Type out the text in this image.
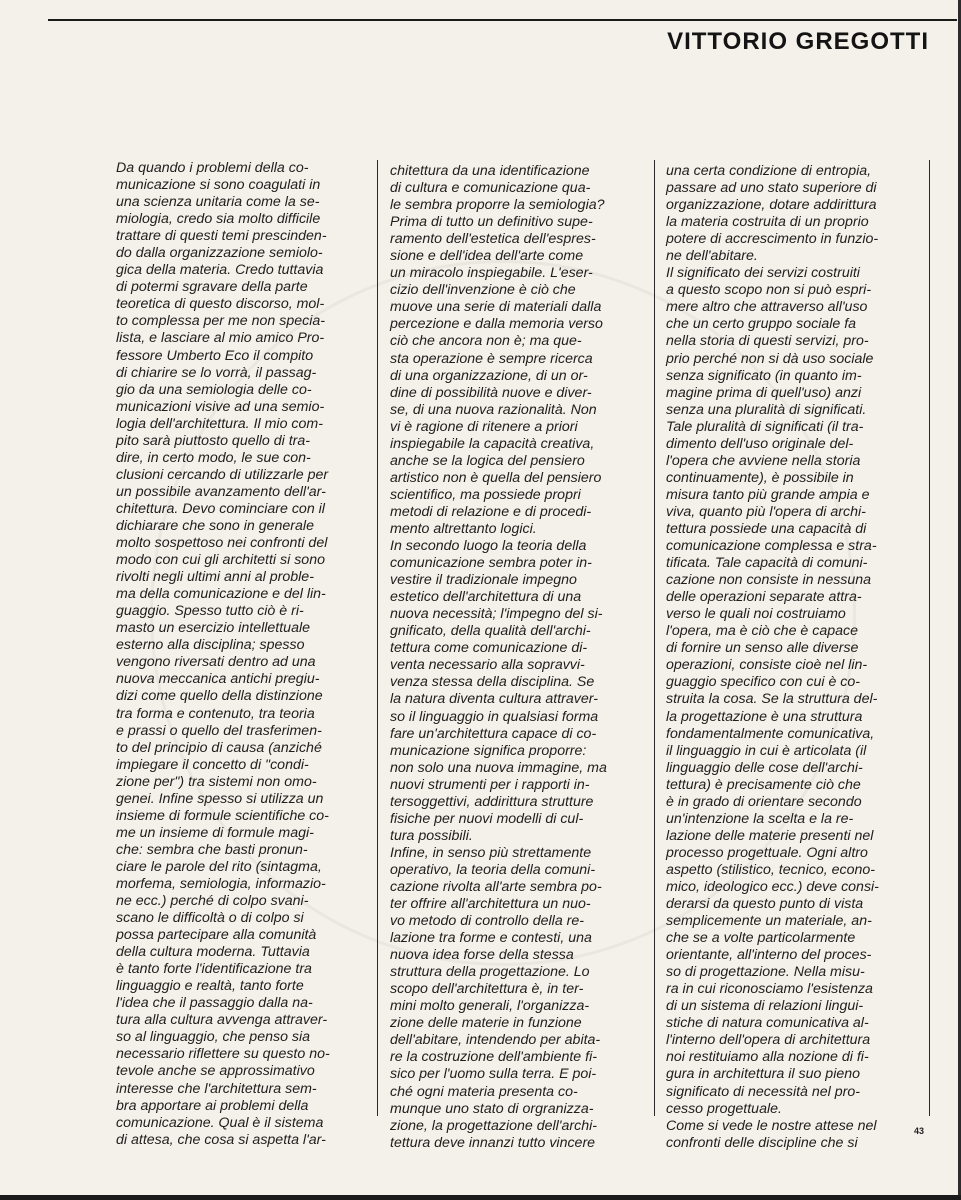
VITTORIO GREGOTTI
Da quando i problemi della co-
municazione si sono coagulati in
una scienza unitaria come la se-
miologia, credo sia molto difficile
trattare di questi temi prescinden-
do dalla organizzazione semiolo-
gica della materia. Credo tuttavia
di potermi sgravare della parte
teoretica di questo discorso, mol-
to complessa per me non specia-
lista, e lasciare al mio amico Pro-
fessore Umberto Eco il compito
di chiarire se lo vorrà, il passag-
gio da una semiologia delle co-
municazioni visive ad una semio-
logia dell'architettura. Il mio com-
pito sarà piuttosto quello di tra-
dire, in certo modo, le sue con-
clusioni cercando di utilizzarle per
un possibile avanzamento dell'ar-
chitettura. Devo cominciare con il
dichiarare che sono in generale
molto sospettoso nei confronti del
modo con cui gli architetti si sono
rivolti negli ultimi anni al proble-
ma della comunicazione e del lin-
guaggio. Spesso tutto ciò è ri-
masto un esercizio intellettuale
esterno alla disciplina; spesso
vengono riversati dentro ad una
nuova meccanica antichi pregiu-
dizi come quello della distinzione
tra forma e contenuto, tra teoria
e prassi o quello del trasferimen-
to del principio di causa (anziché
impiegare il concetto di "condi-
zione per") tra sistemi non omo-
genei. Infine spesso si utilizza un
insieme di formule scientifiche co-
me un insieme di formule magi-
che: sembra che basti pronun-
ciare le parole del rito (sintagma,
morfema, semiologia, informazio-
ne ecc.) perché di colpo svani-
scano le difficoltà o di colpo si
possa partecipare alla comunità
della cultura moderna. Tuttavia
è tanto forte l'identificazione tra
linguaggio e realtà, tanto forte
l'idea che il passaggio dalla na-
tura alla cultura avvenga attraver-
so al linguaggio, che penso sia
necessario riflettere su questo no-
tevole anche se approssimativo
interesse che l'architettura sem-
bra apportare ai problemi della
comunicazione. Qual è il sistema
di attesa, che cosa si aspetta l'ar-
chitettura da una identificazione
di cultura e comunicazione qua-
le sembra proporre la semiologia?
Prima di tutto un definitivo supe-
ramento dell'estetica dell'espres-
sione e dell'idea dell'arte come
un miracolo inspiegabile. L'eser-
cizio dell'invenzione è ciò che
muove una serie di materiali dalla
percezione e dalla memoria verso
ciò che ancora non è; ma que-
sta operazione è sempre ricerca
di una organizzazione, di un or-
dine di possibilità nuove e diver-
se, di una nuova razionalità. Non
vi è ragione di ritenere a priori
inspiegabile la capacità creativa,
anche se la logica del pensiero
artistico non è quella del pensiero
scientifico, ma possiede propri
metodi di relazione e di procedi-
mento altrettanto logici.
In secondo luogo la teoria della
comunicazione sembra poter in-
vestire il tradizionale impegno
estetico dell'architettura di una
nuova necessità; l'impegno del si-
gnificato, della qualità dell'archi-
tettura come comunicazione di-
venta necessario alla sopravvi-
venza stessa della disciplina. Se
la natura diventa cultura attraver-
so il linguaggio in qualsiasi forma
fare un'architettura capace di co-
municazione significa proporre:
non solo una nuova immagine, ma
nuovi strumenti per i rapporti in-
tersoggettivi, addirittura strutture
fisiche per nuovi modelli di cul-
tura possibili.
Infine, in senso più strettamente
operativo, la teoria della comuni-
cazione rivolta all'arte sembra po-
ter offrire all'architettura un nuo-
vo metodo di controllo della re-
lazione tra forme e contesti, una
nuova idea forse della stessa
struttura della progettazione. Lo
scopo dell'architettura è, in ter-
mini molto generali, l'organizza-
zione delle materie in funzione
dell'abitare, intendendo per abita-
re la costruzione dell'ambiente fi-
sico per l'uomo sulla terra. E poi-
ché ogni materia presenta co-
munque uno stato di orgranizza-
zione, la progettazione dell'archi-
tettura deve innanzi tutto vincere
una certa condizione di entropia,
passare ad uno stato superiore di
organizzazione, dotare addirittura
la materia costruita di un proprio
potere di accrescimento in funzio-
ne dell'abitare.
Il significato dei servizi costruiti
a questo scopo non si può espri-
mere altro che attraverso all'uso
che un certo gruppo sociale fa
nella storia di questi servizi, pro-
prio perché non si dà uso sociale
senza significato (in quanto im-
magine prima di quell'uso) anzi
senza una pluralità di significati.
Tale pluralità di significati (il tra-
dimento dell'uso originale del-
l'opera che avviene nella storia
continuamente), è possibile in
misura tanto più grande ampia e
viva, quanto più l'opera di archi-
tettura possiede una capacità di
comunicazione complessa e stra-
tificata. Tale capacità di comuni-
cazione non consiste in nessuna
delle operazioni separate attra-
verso le quali noi costruiamo
l'opera, ma è ciò che è capace
di fornire un senso alle diverse
operazioni, consiste cioè nel lin-
guaggio specifico con cui è co-
struita la cosa. Se la struttura del-
la progettazione è una struttura
fondamentalmente comunicativa,
il linguaggio in cui è articolata (il
linguaggio delle cose dell'archi-
tettura) è precisamente ciò che
è in grado di orientare secondo
un'intenzione la scelta e la re-
lazione delle materie presenti nel
processo progettuale. Ogni altro
aspetto (stilistico, tecnico, econo-
mico, ideologico ecc.) deve consi-
derarsi da questo punto di vista
semplicemente un materiale, an-
che se a volte particolarmente
orientante, all'interno del proces-
so di progettazione. Nella misu-
ra in cui riconosciamo l'esistenza
di un sistema di relazioni lingui-
stiche di natura comunicativa al-
l'interno dell'opera di architettura
noi restituiamo alla nozione di fi-
gura in architettura il suo pieno
significato di necessità nel pro-
cesso progettuale.
Come si vede le nostre attese nel
confronti delle discipline che si
43
